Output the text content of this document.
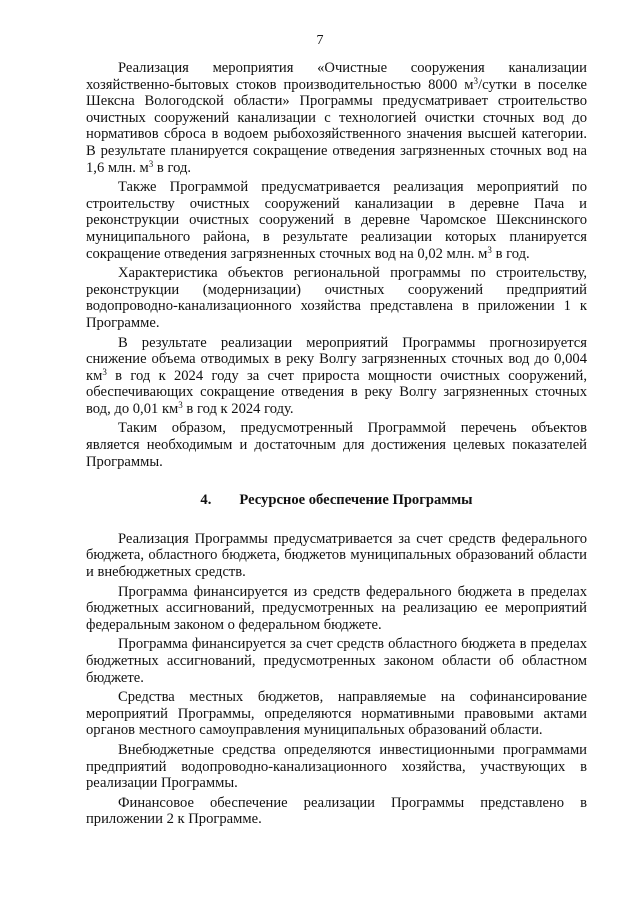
7

Реализация мероприятия «Очистные сооружения канализации хозяйственно-бытовых стоков производительностью 8000 $м^3$/сутки в поселке Шексна Вологодской области» Программы предусматривает строительство очистных сооружений канализации с технологией очистки сточных вод до нормативов сброса в водоем рыбохозяйственного значения высшей категории. В результате планируется сокращение отведения загрязненных сточных вод на 1,6 млн. $м^3$ в год.

Также Программой предусматривается реализация мероприятий по строительству очистных сооружений канализации в деревне Пача и реконструкции очистных сооружений в деревне Чаромское Шекснинского муниципального района, в результате реализации которых планируется сокращение отведения загрязненных сточных вод на 0,02 млн. $м^3$ в год.

Характеристика объектов региональной программы по строительству, реконструкции (модернизации) очистных сооружений предприятий водопроводно-канализационного хозяйства представлена в приложении 1 к Программе.

В результате реализации мероприятий Программы прогнозируется снижение объема отводимых в реку Волгу загрязненных сточных вод до 0,004 $км^3$ в год к 2024 году за счет прироста мощности очистных сооружений, обеспечивающих сокращение отведения в реку Волгу загрязненных сточных вод, до 0,01 $км^3$ в год к 2024 году.

Таким образом, предусмотренный Программой перечень объектов является необходимым и достаточным для достижения целевых показателей Программы.

4. Ресурсное обеспечение Программы

Реализация Программы предусматривается за счет средств федерального бюджета, областного бюджета, бюджетов муниципальных образований области и внебюджетных средств.

Программа финансируется из средств федерального бюджета в пределах бюджетных ассигнований, предусмотренных на реализацию ее мероприятий федеральным законом о федеральном бюджете.

Программа финансируется за счет средств областного бюджета в пределах бюджетных ассигнований, предусмотренных законом области об областном бюджете.

Средства местных бюджетов, направляемые на софинансирование мероприятий Программы, определяются нормативными правовыми актами органов местного самоуправления муниципальных образований области.

Внебюджетные средства определяются инвестиционными программами предприятий водопроводно-канализационного хозяйства, участвующих в реализации Программы.

Финансовое обеспечение реализации Программы представлено в приложении 2 к Программе.
